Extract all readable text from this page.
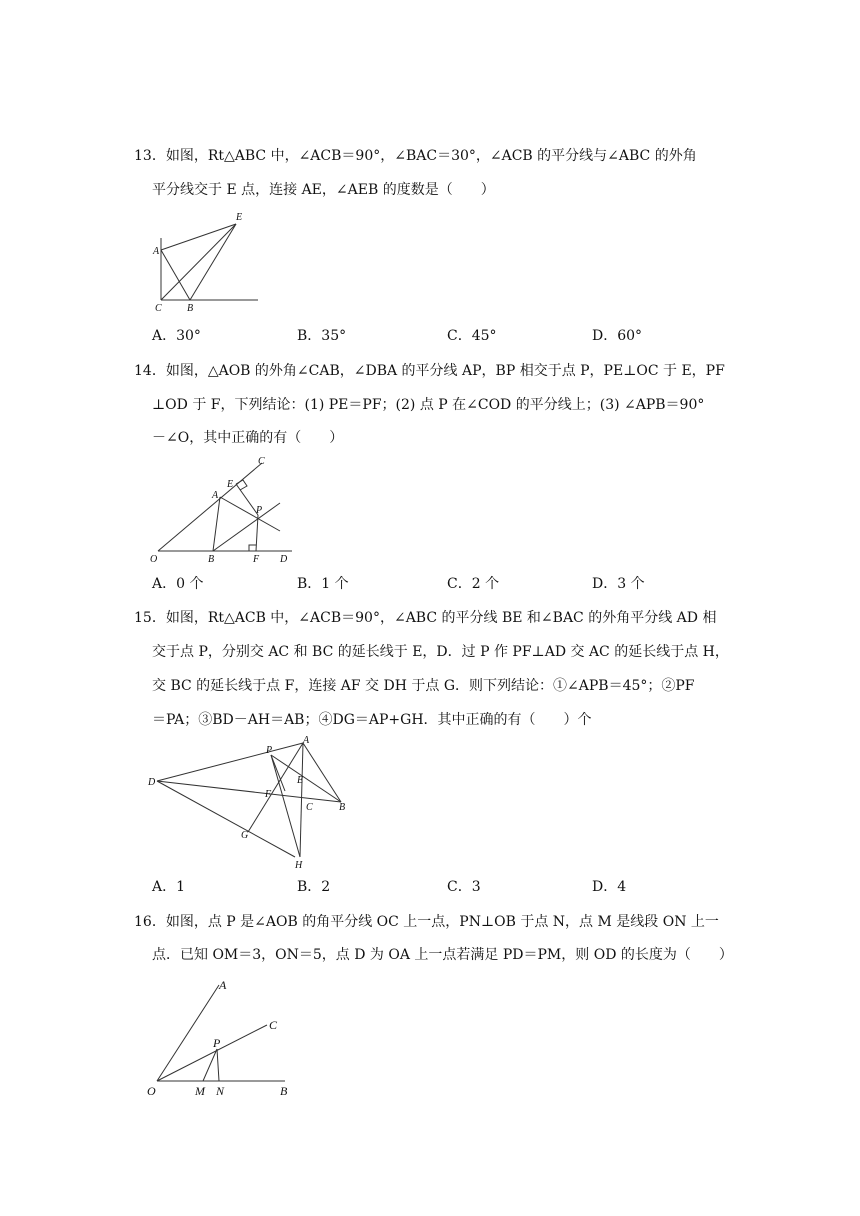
13．如图，Rt△ABC 中，∠ACB＝90°，∠BAC＝30°，∠ACB 的平分线与∠ABC 的外角
平分线交于 E 点，连接 AE，∠AEB 的度数是（　　）
A
C	B
E
A．30°	B．35°	C．45°	D．60°
14．如图，△AOB 的外角∠CAB，∠DBA 的平分线 AP，BP 相交于点 P，PE⊥OC 于 E，PF
⊥OD 于 F，下列结论：(1) PE＝PF；(2) 点 P 在∠COD 的平分线上；(3) ∠APB＝90°
－∠O，其中正确的有（　　）
C
E
A
P
O	B	F D
A．0 个	B．1 个	C．2 个	D．3 个
15．如图，Rt△ACB 中，∠ACB＝90°，∠ABC 的平分线 BE 和∠BAC 的外角平分线 AD 相
交于点 P，分别交 AC 和 BC 的延长线于 E，D．过 P 作 PF⊥AD 交 AC 的延长线于点 H，
交 BC 的延长线于点 F，连接 AF 交 DH 于点 G．则下列结论：①∠APB＝45°；②PF
＝PA；③BD－AH＝AB；④DG＝AP+GH．其中正确的有（　　）个
P
A
D	E
F
C	B
G
H
A．1	B．2	C．3	D．4
16．如图，点 P 是∠AOB 的角平分线 OC 上一点，PN⊥OB 于点 N，点 M 是线段 ON 上一
点．已知 OM＝3，ON＝5，点 D 为 OA 上一点若满足 PD＝PM，则 OD 的长度为（　　）
A
C
P
O	M N	B
